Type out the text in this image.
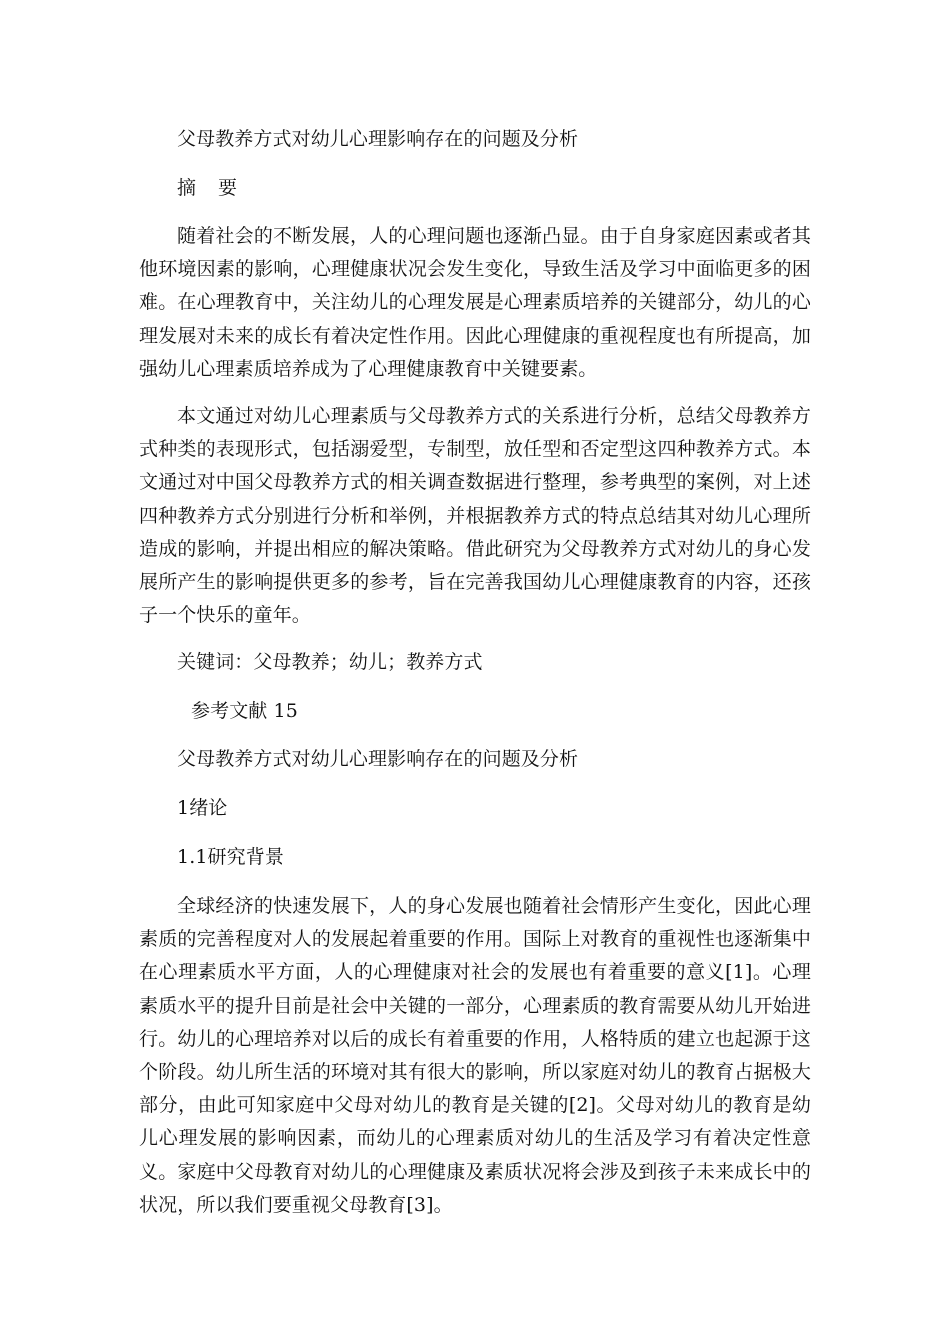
父母教养方式对幼儿心理影响存在的问题及分析
摘 要
随着社会的不断发展，人的心理问题也逐渐凸显。由于自身家庭因素或者其他环境因素的影响，心理健康状况会发生变化，导致生活及学习中面临更多的困难。在心理教育中，关注幼儿的心理发展是心理素质培养的关键部分，幼儿的心理发展对未来的成长有着决定性作用。因此心理健康的重视程度也有所提高，加强幼儿心理素质培养成为了心理健康教育中关键要素。
本文通过对幼儿心理素质与父母教养方式的关系进行分析，总结父母教养方式种类的表现形式，包括溺爱型，专制型，放任型和否定型这四种教养方式。本文通过对中国父母教养方式的相关调查数据进行整理，参考典型的案例，对上述四种教养方式分别进行分析和举例，并根据教养方式的特点总结其对幼儿心理所造成的影响，并提出相应的解决策略。借此研究为父母教养方式对幼儿的身心发展所产生的影响提供更多的参考，旨在完善我国幼儿心理健康教育的内容，还孩子一个快乐的童年。
关键词：父母教养；幼儿；教养方式
参考文献 15
父母教养方式对幼儿心理影响存在的问题及分析
1绪论
1.1研究背景
全球经济的快速发展下，人的身心发展也随着社会情形产生变化，因此心理素质的完善程度对人的发展起着重要的作用。国际上对教育的重视性也逐渐集中在心理素质水平方面，人的心理健康对社会的发展也有着重要的意义[1]。心理素质水平的提升目前是社会中关键的一部分，心理素质的教育需要从幼儿开始进行。幼儿的心理培养对以后的成长有着重要的作用，人格特质的建立也起源于这个阶段。幼儿所生活的环境对其有很大的影响，所以家庭对幼儿的教育占据极大部分，由此可知家庭中父母对幼儿的教育是关键的[2]。父母对幼儿的教育是幼儿心理发展的影响因素，而幼儿的心理素质对幼儿的生活及学习有着决定性意义。家庭中父母教育对幼儿的心理健康及素质状况将会涉及到孩子未来成长中的状况，所以我们要重视父母教育[3]。
